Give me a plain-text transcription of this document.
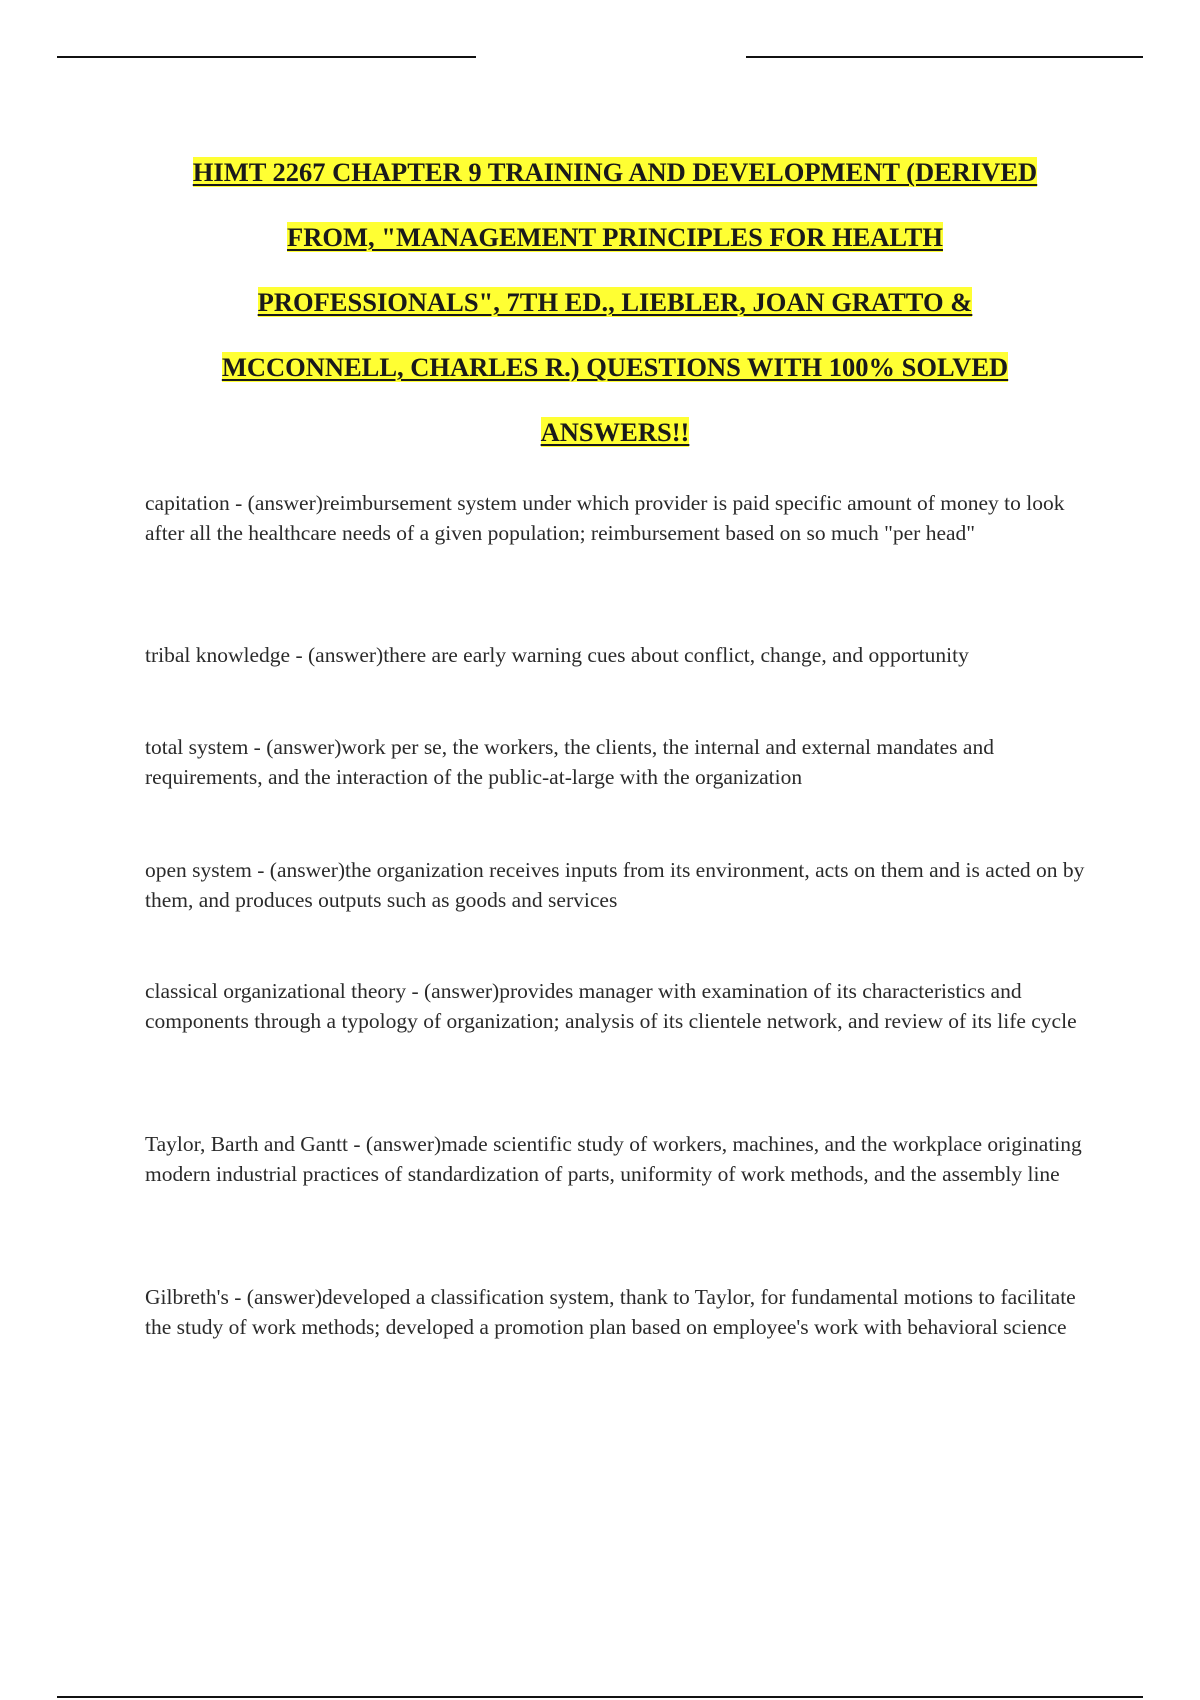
HIMT 2267 CHAPTER 9 TRAINING AND DEVELOPMENT (DERIVED
FROM, "MANAGEMENT PRINCIPLES FOR HEALTH
PROFESSIONALS", 7TH ED., LIEBLER, JOAN GRATTO &
MCCONNELL, CHARLES R.) QUESTIONS WITH 100% SOLVED
ANSWERS!!

capitation - (answer)reimbursement system under which provider is paid specific amount of money to look after all the healthcare needs of a given population; reimbursement based on so much "per head"

tribal knowledge - (answer)there are early warning cues about conflict, change, and opportunity

total system - (answer)work per se, the workers, the clients, the internal and external mandates and requirements, and the interaction of the public-at-large with the organization

open system - (answer)the organization receives inputs from its environment, acts on them and is acted on by them, and produces outputs such as goods and services

classical organizational theory - (answer)provides manager with examination of its characteristics and components through a typology of organization; analysis of its clientele network, and review of its life cycle

Taylor, Barth and Gantt - (answer)made scientific study of workers, machines, and the workplace originating modern industrial practices of standardization of parts, uniformity of work methods, and the assembly line

Gilbreth's - (answer)developed a classification system, thank to Taylor, for fundamental motions to facilitate the study of work methods; developed a promotion plan based on employee's work with behavioral science
